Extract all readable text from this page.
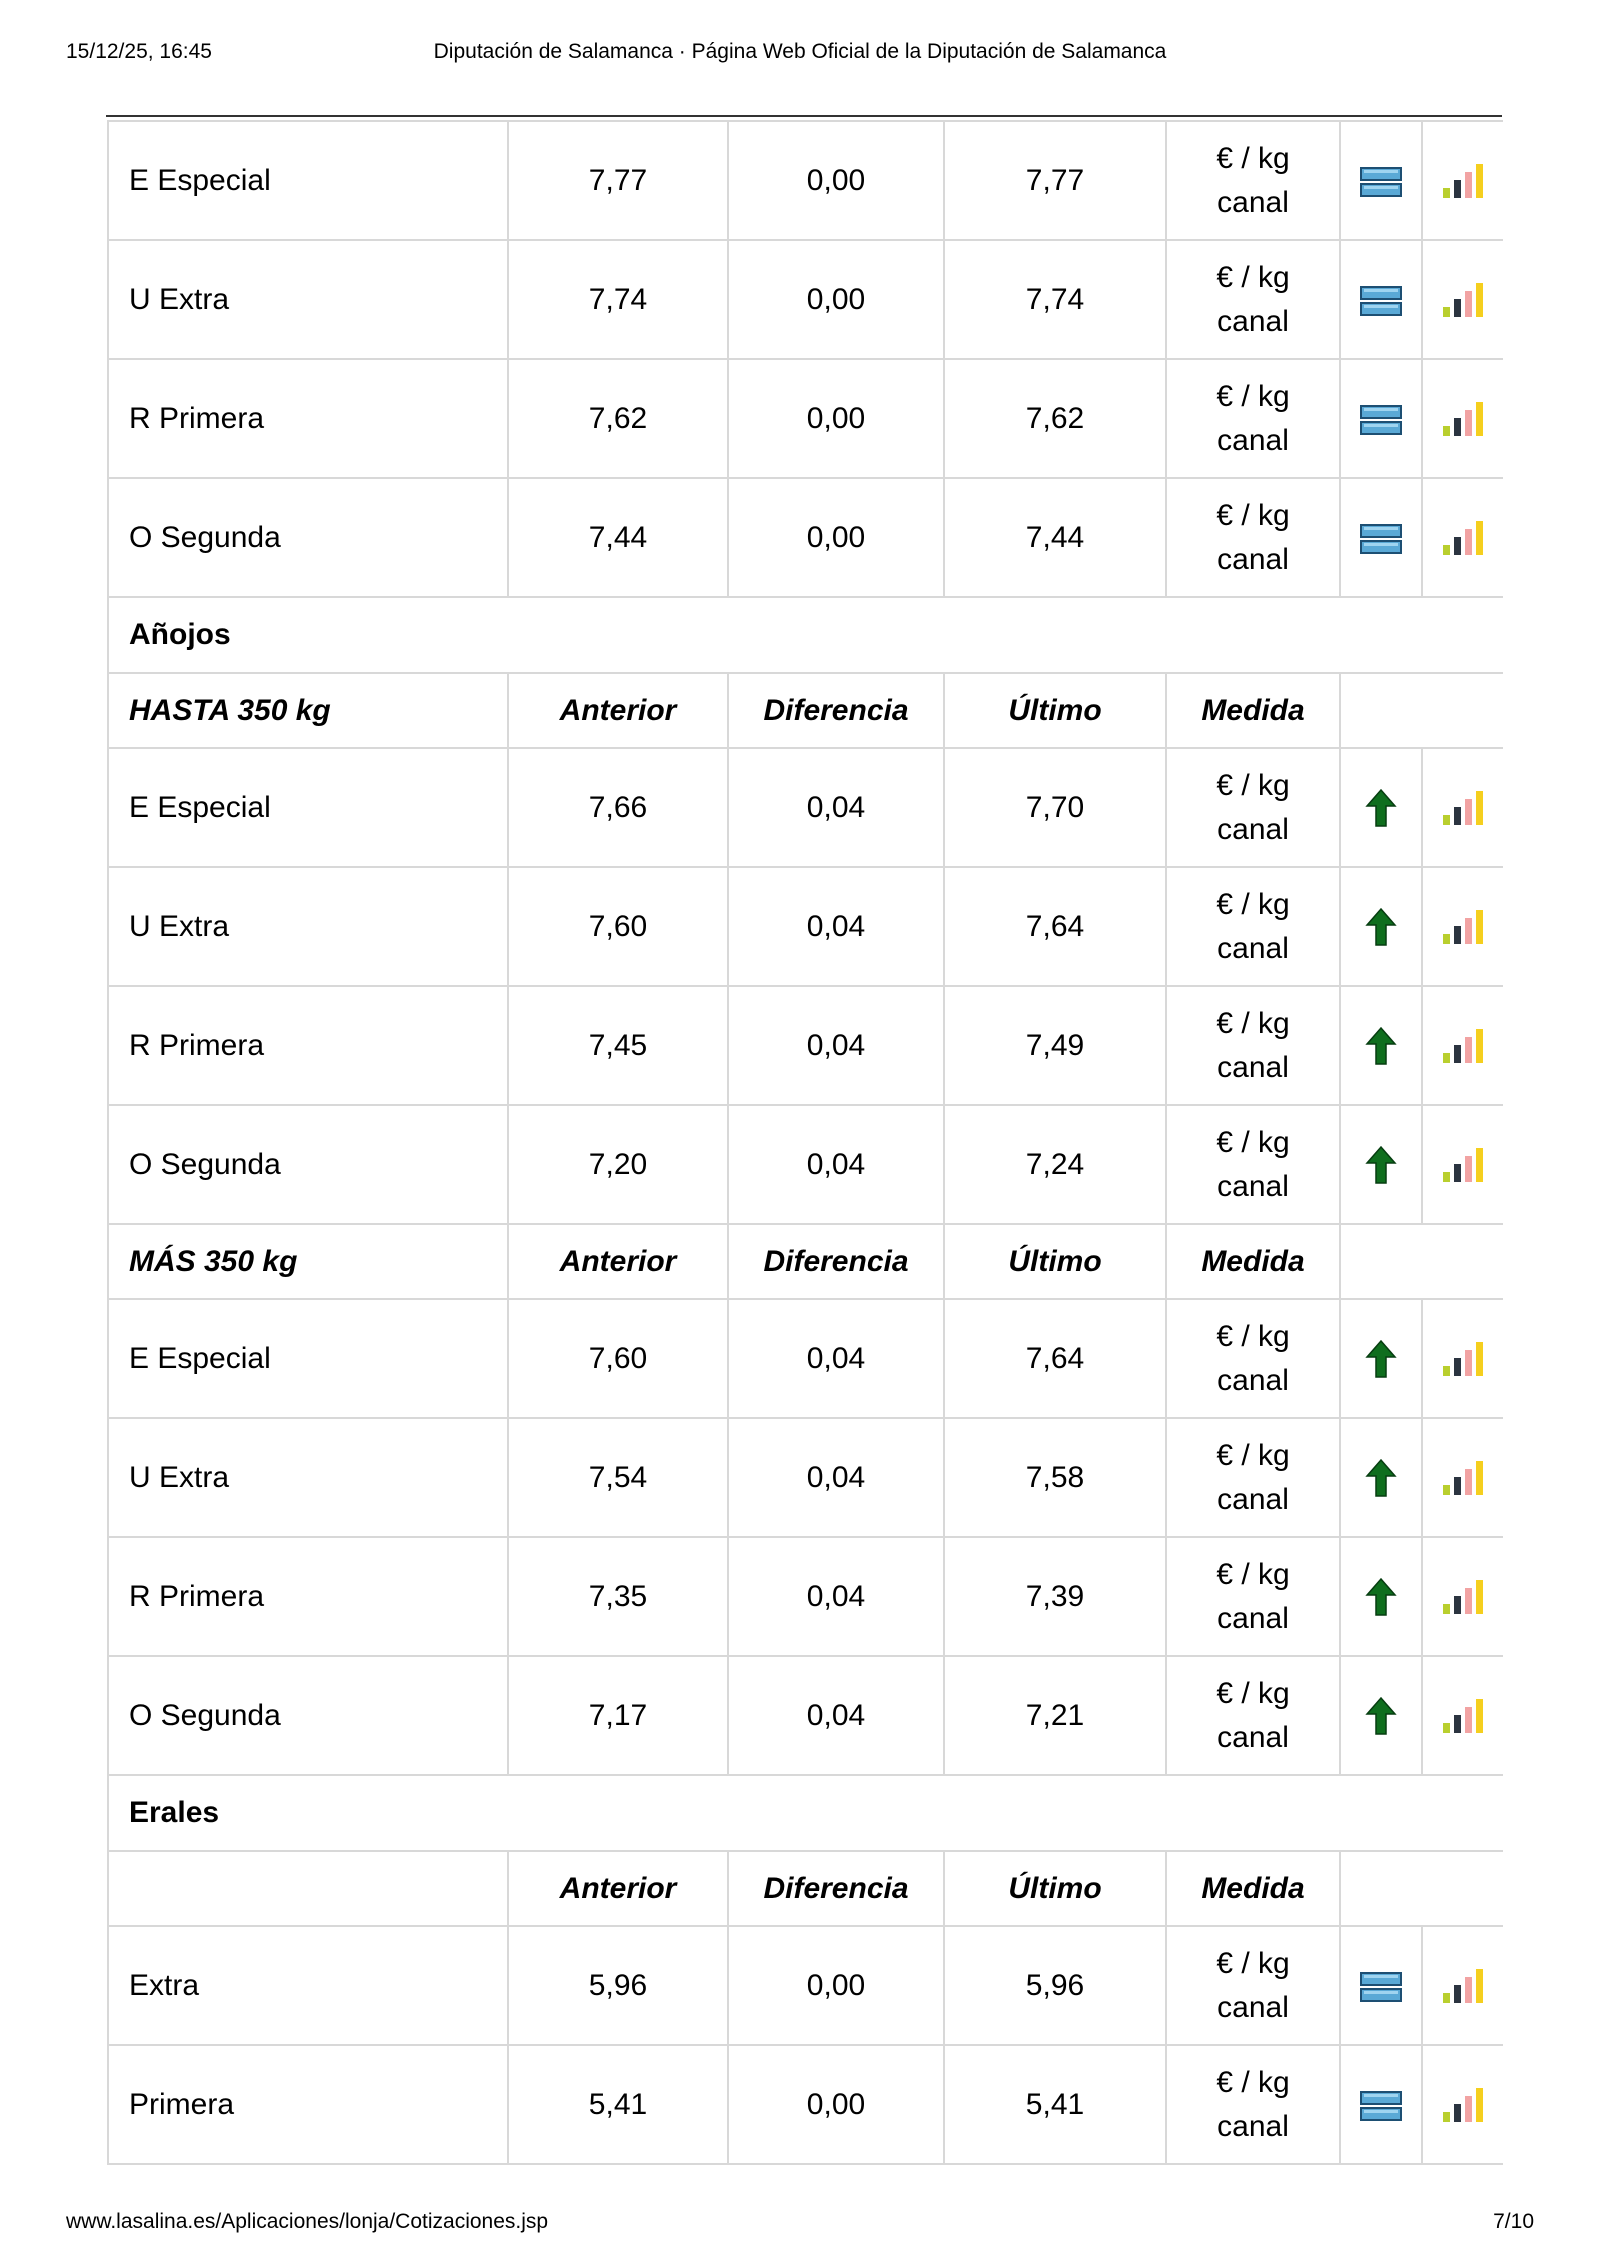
15/12/25, 16:45	Diputación de Salamanca · Página Web Oficial de la Diputación de Salamanca
E Especial	7,77	0,00	7,77	€ / kg
canal

U Extra	7,74	0,00	7,74	€ / kg
canal

R Primera	7,62	0,00	7,62	€ / kg
canal

O Segunda	7,44	0,00	7,44	€ / kg
canal

Añojos						
HASTA 350 kg	Anterior	Diferencia	Último	Medida		
E Especial	7,66	0,04	7,70	€ / kg
canal

U Extra	7,60	0,04	7,64	€ / kg
canal

R Primera	7,45	0,04	7,49	€ / kg
canal

O Segunda	7,20	0,04	7,24	€ / kg
canal

MÁS 350 kg	Anterior	Diferencia	Último	Medida		
E Especial	7,60	0,04	7,64	€ / kg
canal

U Extra	7,54	0,04	7,58	€ / kg
canal

R Primera	7,35	0,04	7,39	€ / kg
canal

O Segunda	7,17	0,04	7,21	€ / kg
canal

Erales						
	Anterior	Diferencia	Último	Medida		
Extra	5,96	0,00	5,96	€ / kg
canal

Primera	5,41	0,00	5,41	€ / kg
canal

www.lasalina.es/Aplicaciones/lonja/Cotizaciones.jsp	7/10
